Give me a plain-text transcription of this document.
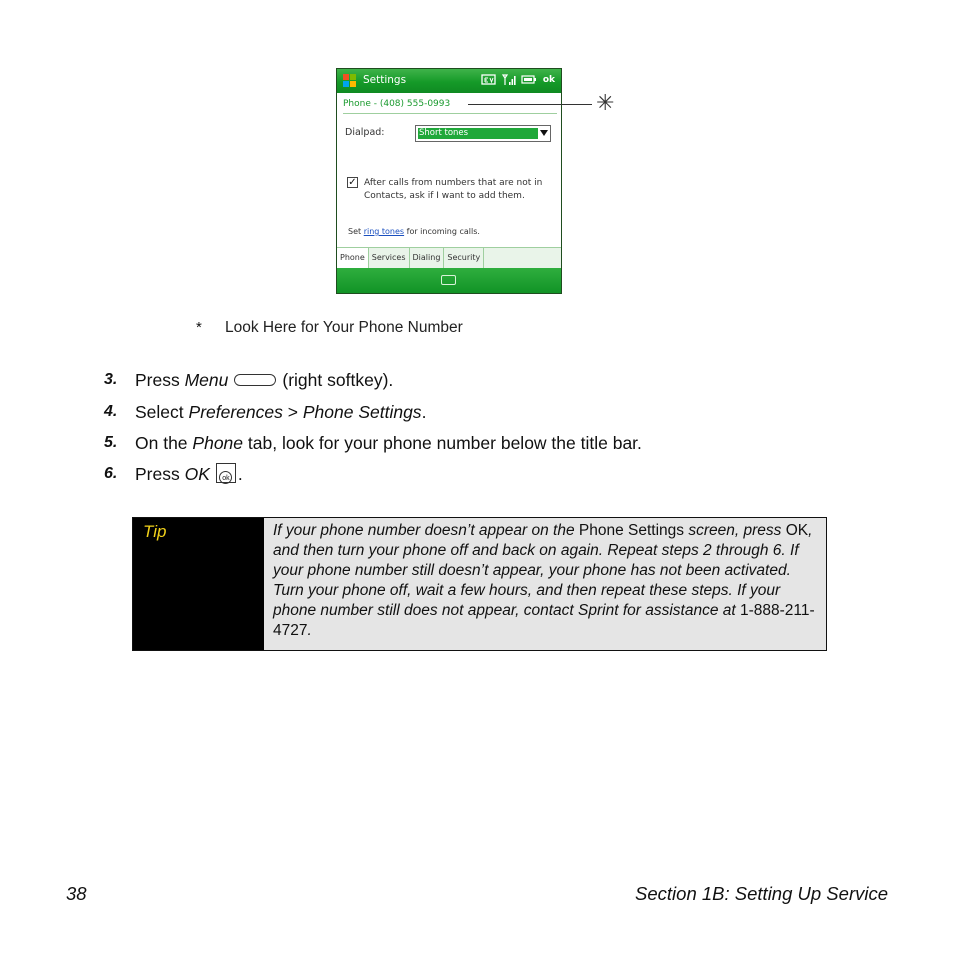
Settings	ok
Phone - (408) 555-0993
Dialpad:	Short tones
✓ After calls from numbers that are not in Contacts, ask if I want to add them.
Set ring tones for incoming calls.
Phone Services Dialing Security
✳
* Look Here for Your Phone Number
3. Press Menu	(right softkey).
4. Select Preferences > Phone Settings.
5. On the Phone tab, look for your phone number below the title bar.
6. Press OK ok .
Tip	If your phone number doesn’t appear on the Phone Settings screen, press OK, and then turn your phone off and back on again. Repeat steps 2 through 6. If your phone number still doesn’t appear, your phone has not been activated. Turn your phone off, wait a few hours, and then repeat these steps. If your phone number still does not appear, contact Sprint for assistance at 1-888-211-4727.
38	Section 1B: Setting Up Service
